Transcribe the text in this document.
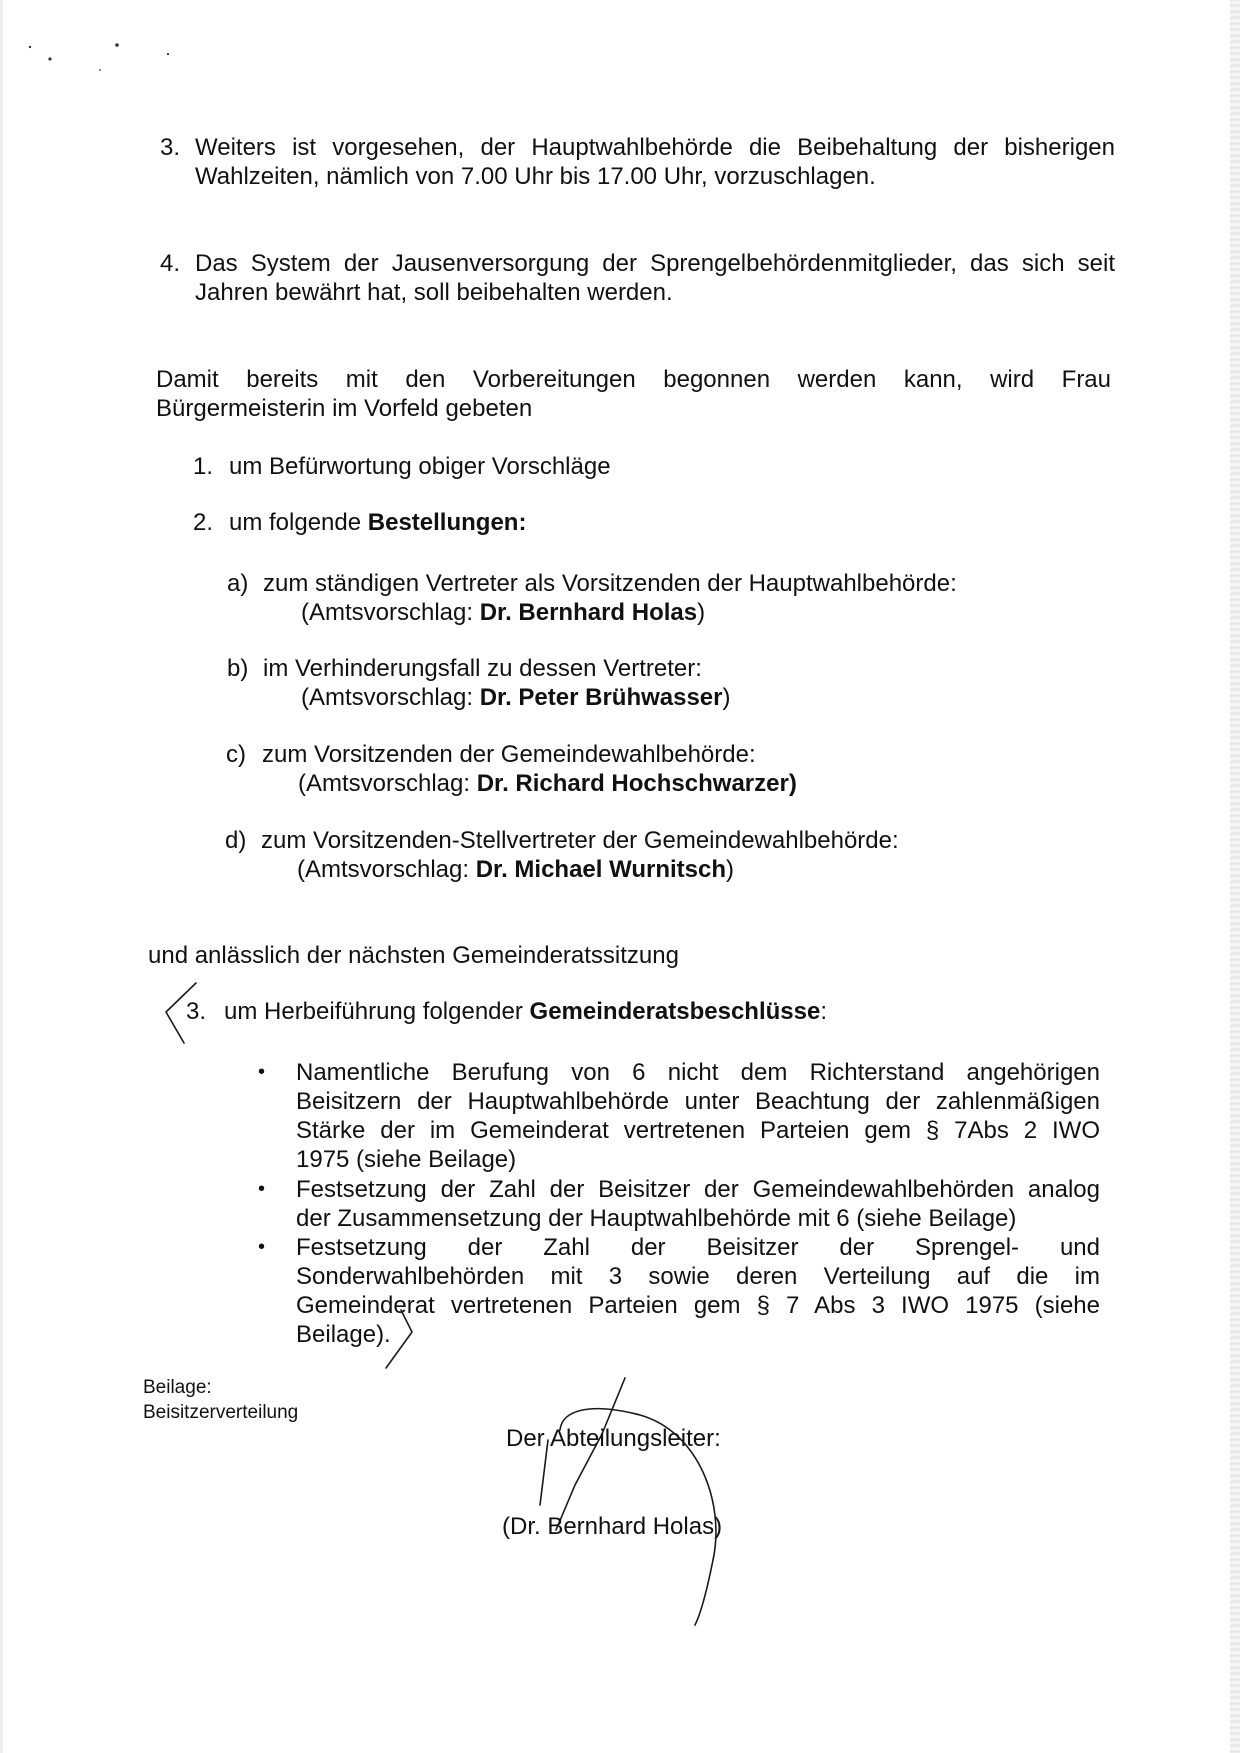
3. Weiters ist vorgesehen, der Hauptwahlbehörde die Beibehaltung der bisherigen
Wahlzeiten, nämlich von 7.00 Uhr bis 17.00 Uhr, vorzuschlagen.
4. Das System der Jausenversorgung der Sprengelbehördenmitglieder, das sich seit
Jahren bewährt hat, soll beibehalten werden.
Damit bereits mit den Vorbereitungen begonnen werden kann, wird Frau
Bürgermeisterin im Vorfeld gebeten
1. um Befürwortung obiger Vorschläge
2. um folgende Bestellungen:
a) zum ständigen Vertreter als Vorsitzenden der Hauptwahlbehörde:
(Amtsvorschlag: Dr. Bernhard Holas)
b) im Verhinderungsfall zu dessen Vertreter:
(Amtsvorschlag: Dr. Peter Brühwasser)
c) zum Vorsitzenden der Gemeindewahlbehörde:
(Amtsvorschlag: Dr. Richard Hochschwarzer)
d) zum Vorsitzenden-Stellvertreter der Gemeindewahlbehörde:
(Amtsvorschlag: Dr. Michael Wurnitsch)
und anlässlich der nächsten Gemeinderatssitzung
3. um Herbeiführung folgender Gemeinderatsbeschlüsse:
• Namentliche Berufung von 6 nicht dem Richterstand angehörigen
Beisitzern der Hauptwahlbehörde unter Beachtung der zahlenmäßigen
Stärke der im Gemeinderat vertretenen Parteien gem § 7Abs 2 IWO
1975 (siehe Beilage)
• Festsetzung der Zahl der Beisitzer der Gemeindewahlbehörden analog
der Zusammensetzung der Hauptwahlbehörde mit 6 (siehe Beilage)
• Festsetzung der Zahl der Beisitzer der Sprengel- und
Sonderwahlbehörden mit 3 sowie deren Verteilung auf die im
Gemeinderat vertretenen Parteien gem § 7 Abs 3 IWO 1975 (siehe
Beilage).
Beilage:
Beisitzerverteilung
Der Abteilungsleiter:
(Dr. Bernhard Holas)
